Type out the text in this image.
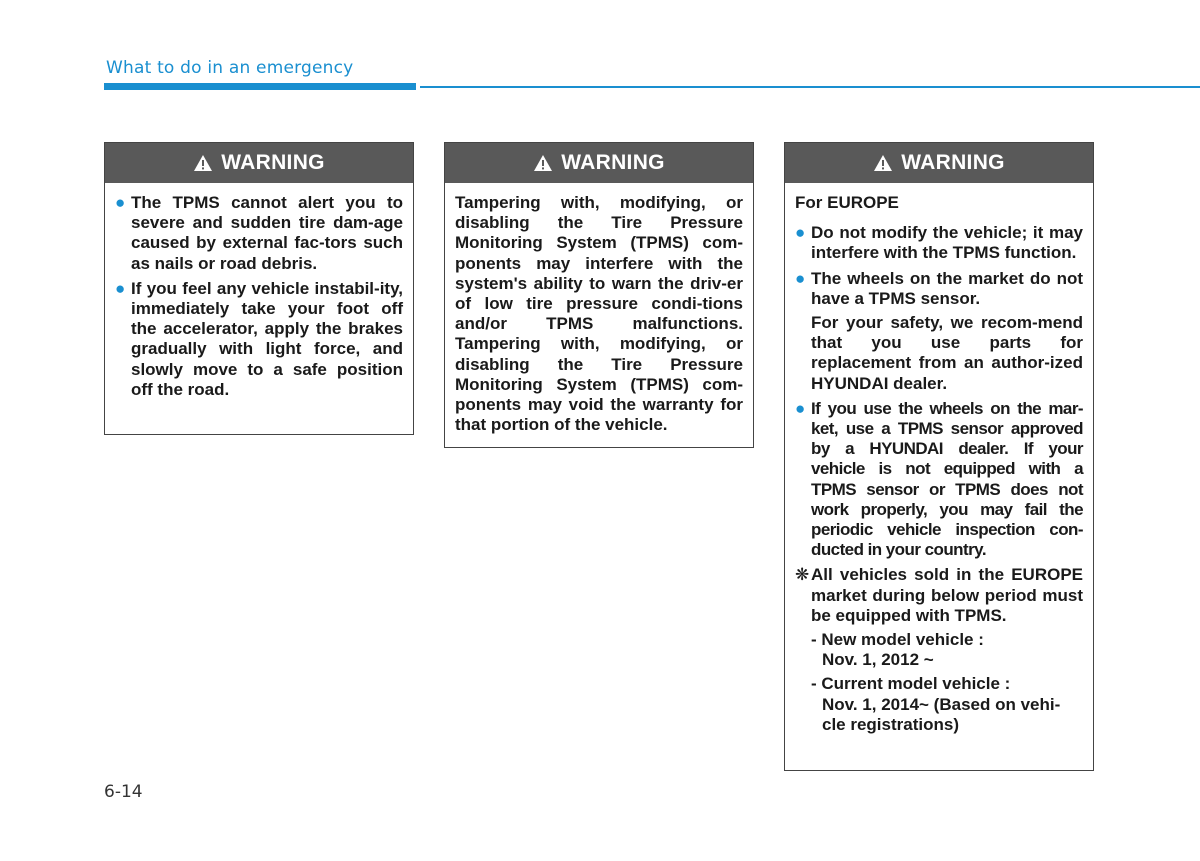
What to do in an emergency
WARNING
● The TPMS cannot alert you to severe and sudden tire dam-age caused by external fac-tors such as nails or road debris.
● If you feel any vehicle instabil-ity, immediately take your foot off the accelerator, apply the brakes gradually with light force, and slowly move to a safe position off the road.
WARNING

Tampering with, modifying, or disabling the Tire Pressure Monitoring System (TPMS) com-ponents may interfere with the system's ability to warn the driv-er of low tire pressure condi-tions and/or TPMS malfunctions. Tampering with, modifying, or disabling the Tire Pressure Monitoring System (TPMS) com-ponents may void the warranty for that portion of the vehicle.

WARNING

For EUROPE

● Do not modify the vehicle; it may interfere with the TPMS function.
● The wheels on the market do not have a TPMS sensor.

For your safety, we recom-mend that you use parts for replacement from an author-ized HYUNDAI dealer.

● If you use the wheels on the mar-ket, use a TPMS sensor approved by a HYUNDAI dealer. If your vehicle is not equipped with a TPMS sensor or TPMS does not work properly, you may fail the periodic vehicle inspection con-ducted in your country.

❋ All vehicles sold in the EUROPE market during below period must be equipped with TPMS.

- New model vehicle :
Nov. 1, 2012 ~

- Current model vehicle :
Nov. 1, 2014~ (Based on vehi-cle registrations)

6-14
